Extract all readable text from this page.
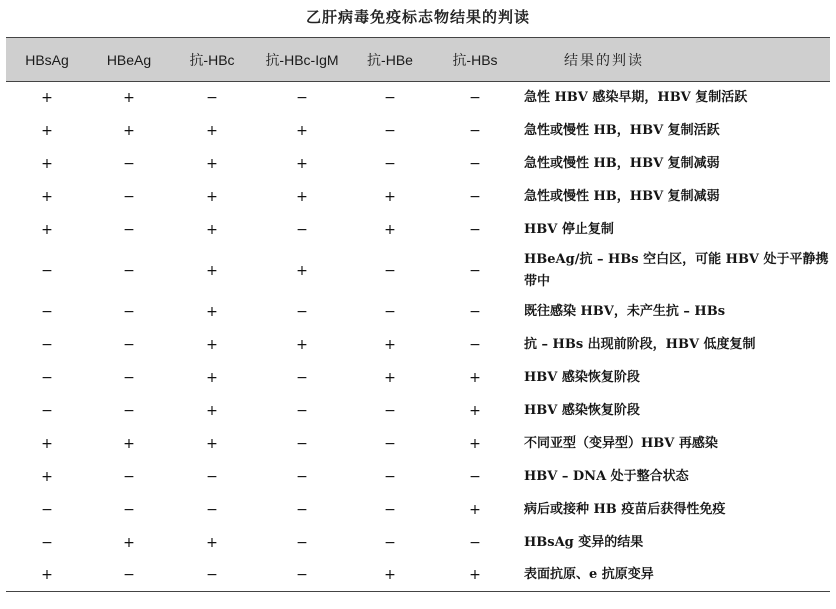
乙肝病毒免疫标志物结果的判读
HBsAg	HBeAg	抗-HBc	抗-HBc-IgM	抗-HBe	抗-HBs	结果的判读
+	+	−	−	−	−	急性 HBV 感染早期，HBV 复制活跃
+	+	+	+	−	−	急性或慢性 HB，HBV 复制活跃
+	−	+	+	−	−	急性或慢性 HB，HBV 复制减弱
+	−	+	+	+	−	急性或慢性 HB，HBV 复制减弱
+	−	+	−	+	−	HBV 停止复制
−	−	+	+	−	−	HBeAg/抗 – HBs 空白区，可能 HBV 处于平静携带中
−	−	+	−	−	−	既往感染 HBV，未产生抗 – HBs
−	−	+	+	+	−	抗 – HBs 出现前阶段，HBV 低度复制
−	−	+	−	+	+	HBV 感染恢复阶段
−	−	+	−	−	+	HBV 感染恢复阶段
+	+	+	−	−	+	不同亚型（变异型）HBV 再感染
+	−	−	−	−	−	HBV – DNA 处于整合状态
−	−	−	−	−	+	病后或接种 HB 疫苗后获得性免疫
−	+	+	−	−	−	HBsAg 变异的结果
+	−	−	−	+	+	表面抗原、e 抗原变异
